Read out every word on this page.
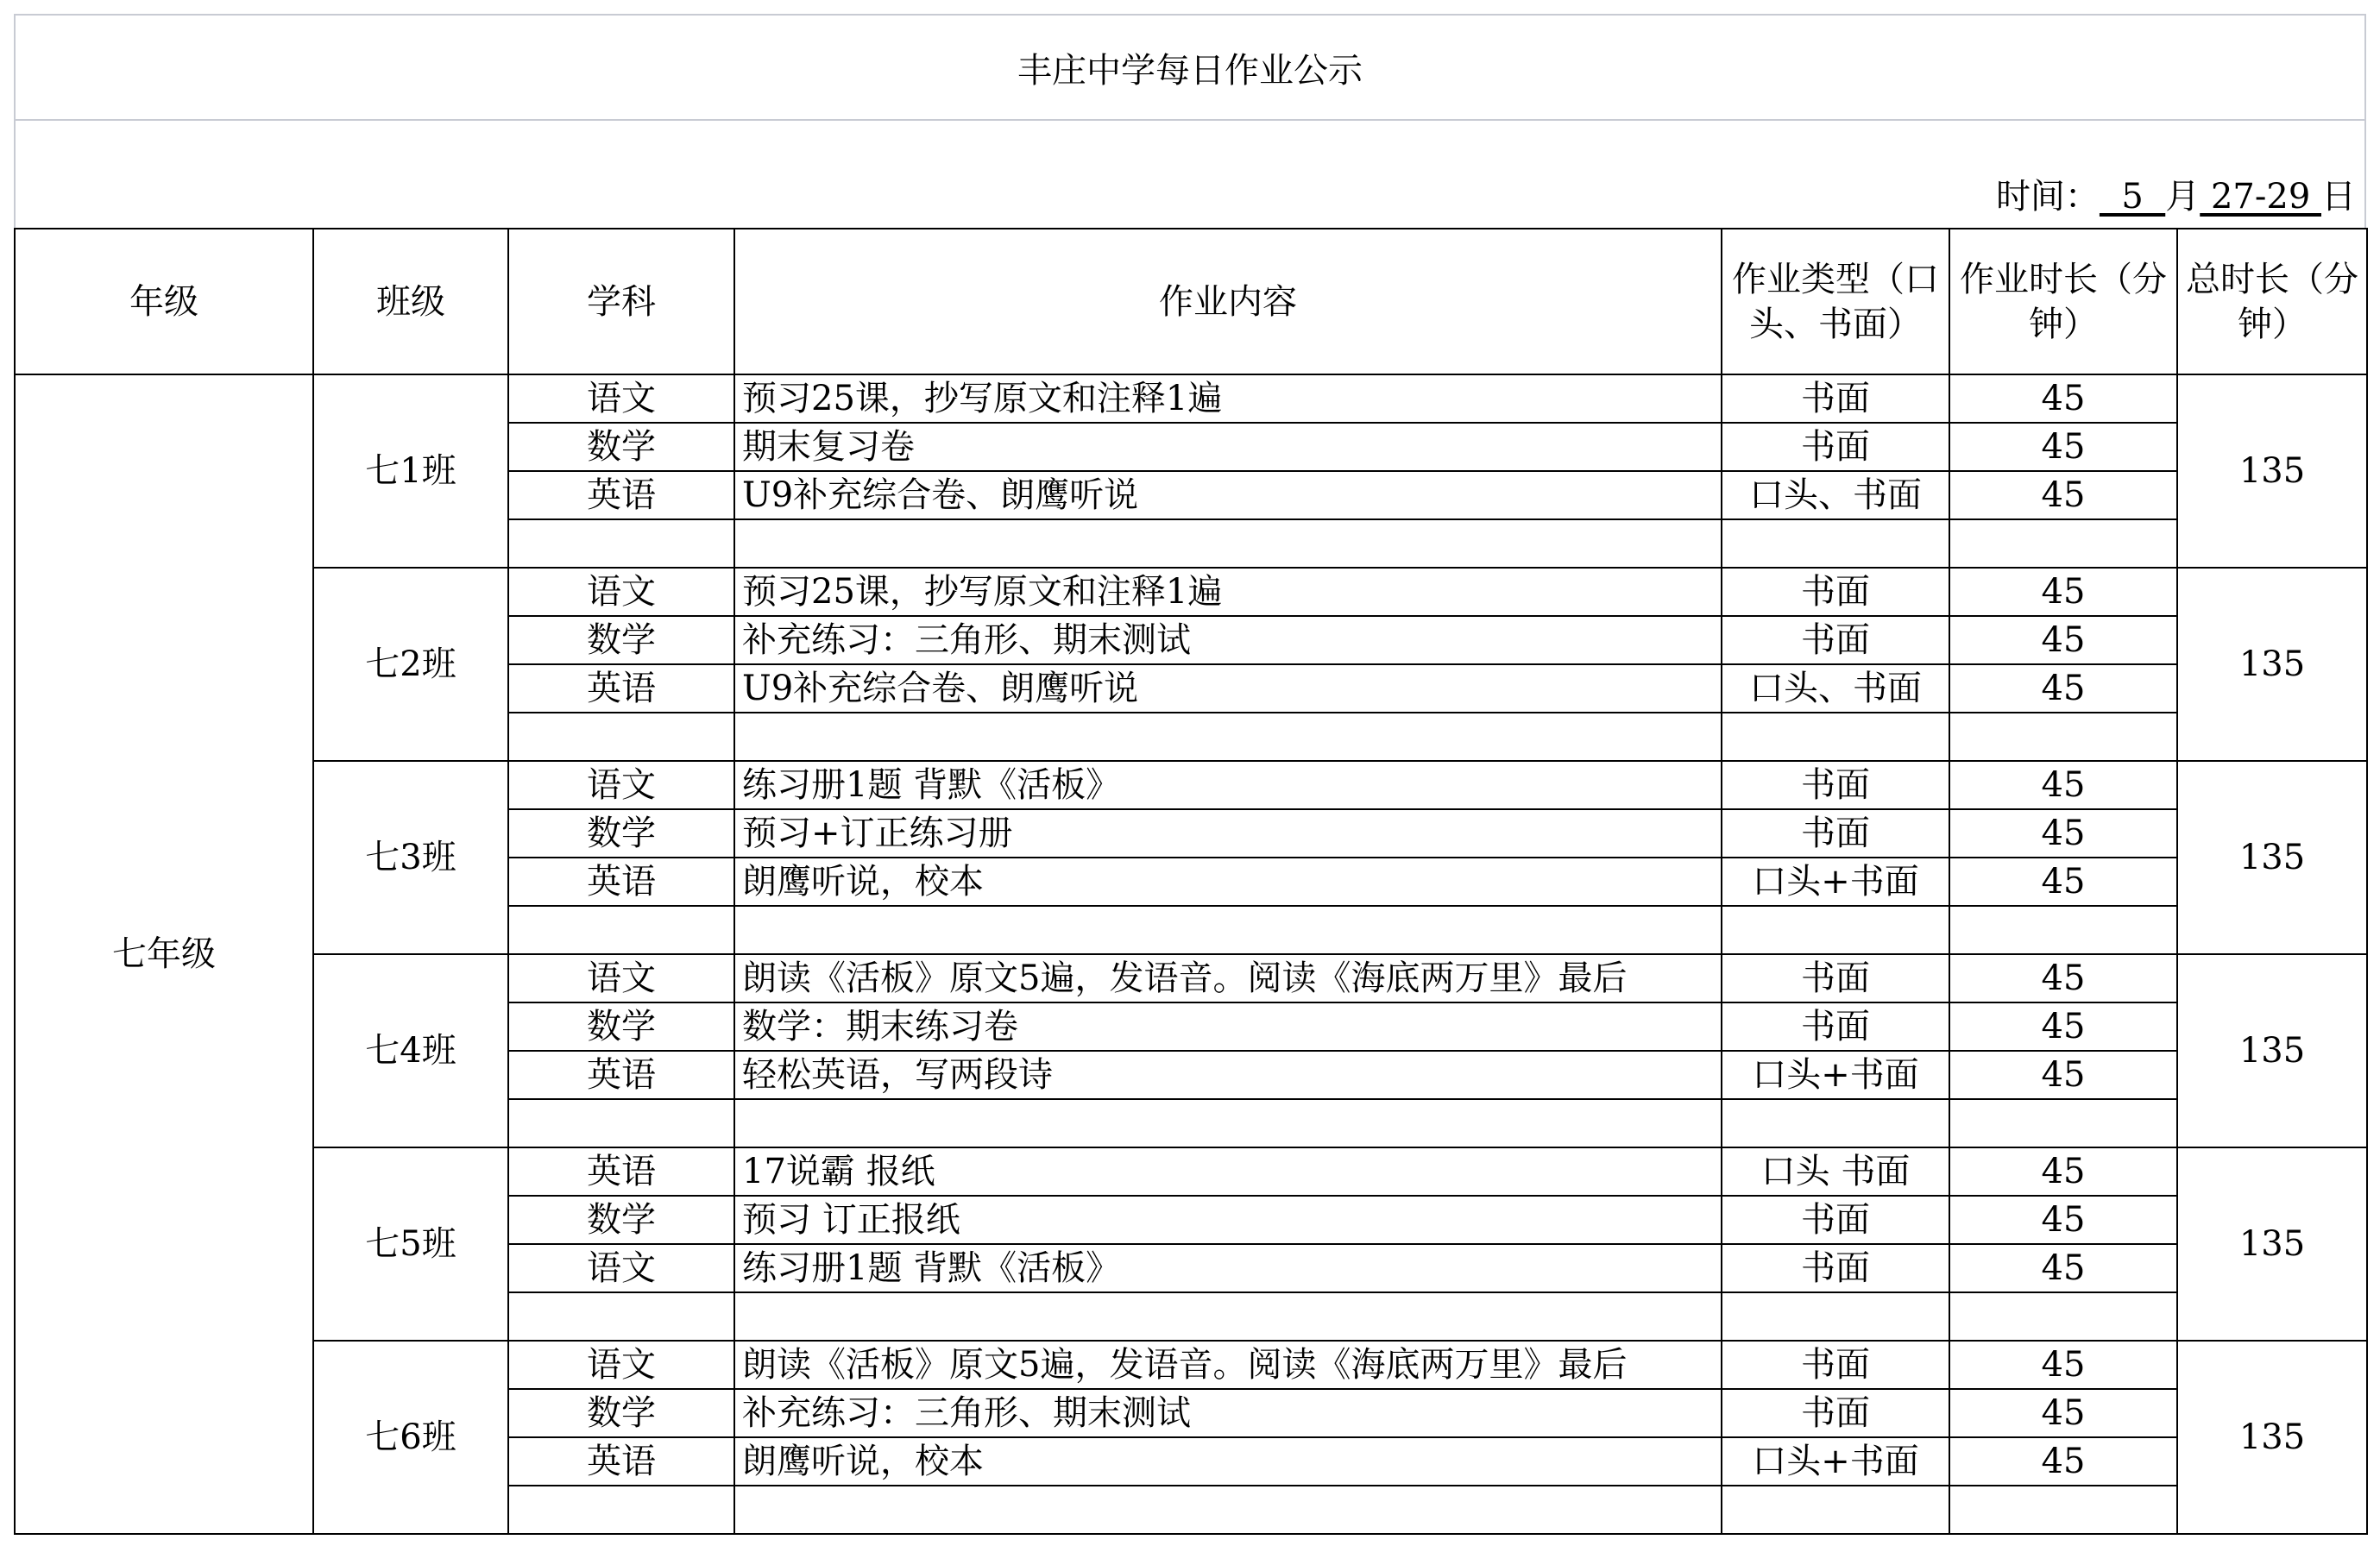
丰庄中学每日作业公示
时间：  5  月 27-29 日
年级	班级	学科	作业内容	作业类型（口头、书面）	作业时长（分钟）	总时长（分钟）
七年级	七1班	语文	预习25课，抄写原文和注释1遍	书面	45	135
		数学	期末复习卷	书面	45	
		英语	U9补充综合卷、朗鹰听说	口头、书面	45	

	七2班	语文	预习25课，抄写原文和注释1遍	书面	45	135
		数学	补充练习：三角形、期末测试	书面	45	
		英语	U9补充综合卷、朗鹰听说	口头、书面	45	

	七3班	语文	练习册1题 背默《活板》	书面	45	135
		数学	预习+订正练习册	书面	45	
		英语	朗鹰听说，校本	口头+书面	45	

	七4班	语文	朗读《活板》原文5遍，发语音。阅读《海底两万里》最后	书面	45	135
		数学	数学：期末练习卷	书面	45	
		英语	轻松英语，写两段诗	口头+书面	45	

	七5班	英语	17说霸 报纸	口头 书面	45	135
		数学	预习 订正报纸	书面	45	
		语文	练习册1题 背默《活板》	书面	45	

	七6班	语文	朗读《活板》原文5遍，发语音。阅读《海底两万里》最后	书面	45	135
		数学	补充练习：三角形、期末测试	书面	45	
		英语	朗鹰听说，校本	口头+书面	45	
